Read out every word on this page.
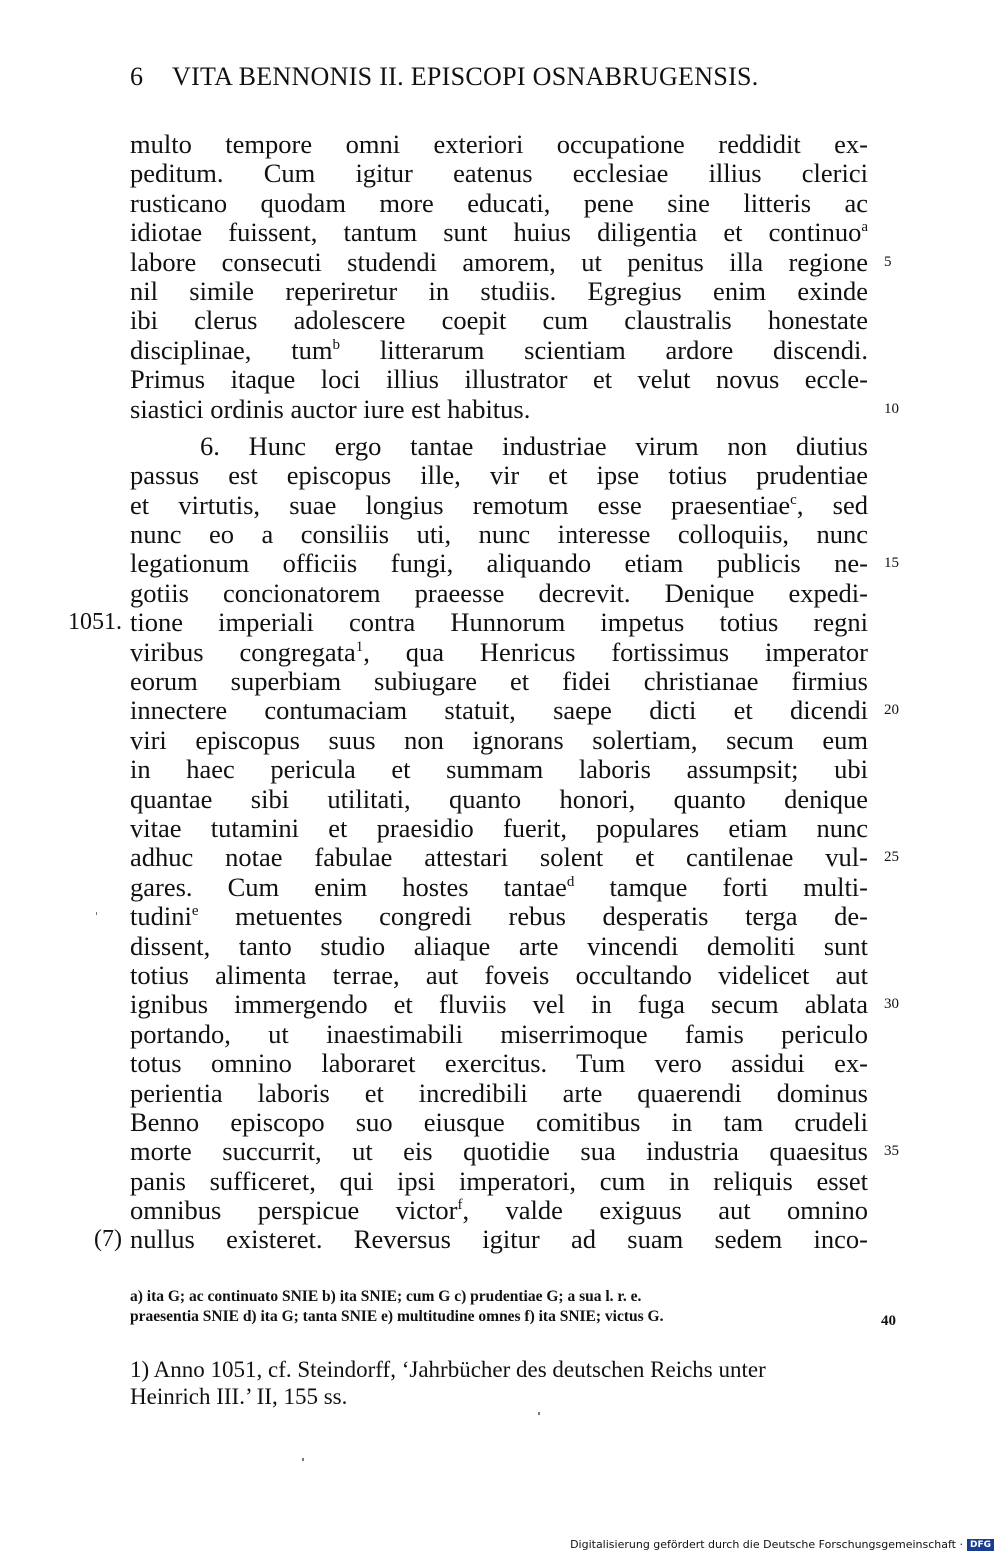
6 VITA BENNONIS II. EPISCOPI OSNABRUGENSIS.
multo tempore omni exteriori occupatione reddidit ex-
peditum. Cum igitur eatenus ecclesiae illius clerici
rusticano quodam more educati, pene sine litteris ac
idiotae fuissent, tantum sunt huius diligentia et continuo$^a$
labore consecuti studendi amorem, ut penitus illa regione 5
nil simile reperiretur in studiis. Egregius enim exinde
ibi clerus adolescere coepit cum claustralis honestate
disciplinae, tum$^b$ litterarum scientiam ardore discendi.
Primus itaque loci illius illustrator et velut novus eccle-
siastici ordinis auctor iure est habitus.	10
6. Hunc ergo tantae industriae virum non diutius
passus est episcopus ille, vir et ipse totius prudentiae
et virtutis, suae longius remotum esse praesentiae$^c$, sed
nunc eo a consiliis uti, nunc interesse colloquiis, nunc
legationum officiis fungi, aliquando etiam publicis ne- 15
gotiis concionatorem praeesse decrevit. Denique expedi-
tione imperiali contra Hunnorum impetus totius regni
1051.
viribus congregata$^1$, qua Henricus fortissimus imperator
eorum superbiam subiugare et fidei christianae firmius
innectere contumaciam statuit, saepe dicti et dicendi 20
viri episcopus suus non ignorans solertiam, secum eum
in haec pericula et summam laboris assumpsit; ubi
quantae sibi utilitati, quanto honori, quanto denique
vitae tutamini et praesidio fuerit, populares etiam nunc
adhuc notae fabulae attestari solent et cantilenae vul- 25
gares. Cum enim hostes tantae$^d$ tamque forti multi-
tudini$^e$ metuentes congredi rebus desperatis terga de-
dissent, tanto studio aliaque arte vincendi demoliti sunt
totius alimenta terrae, aut foveis occultando videlicet aut
ignibus immergendo et fluviis vel in fuga secum ablata 30
portando, ut inaestimabili miserrimoque famis periculo
totus omnino laboraret exercitus. Tum vero assidui ex-
perientia laboris et incredibili arte quaerendi dominus
Benno episcopo suo eiusque comitibus in tam crudeli
morte succurrit, ut eis quotidie sua industria quaesitus 35
panis sufficeret, qui ipsi imperatori, cum in reliquis esset
omnibus perspicue victor$^f$, valde exiguus aut omnino
nullus existeret. Reversus igitur ad suam sedem inco-
(7)
a) ita G; ac continuato SNIE b) ita SNIE; cum G c) prudentiae G; a sua l. r. e.
praesentia SNIE d) ita G; tanta SNIE e) multitudine omnes f) ita SNIE; victus G.	40
1) Anno 1051, cf. Steindorff, ‘Jahrbücher des deutschen Reichs unter
Heinrich III.’ II, 155 ss.
Digitalisierung gefördert durch die Deutsche Forschungsgemeinschaft · DFG
